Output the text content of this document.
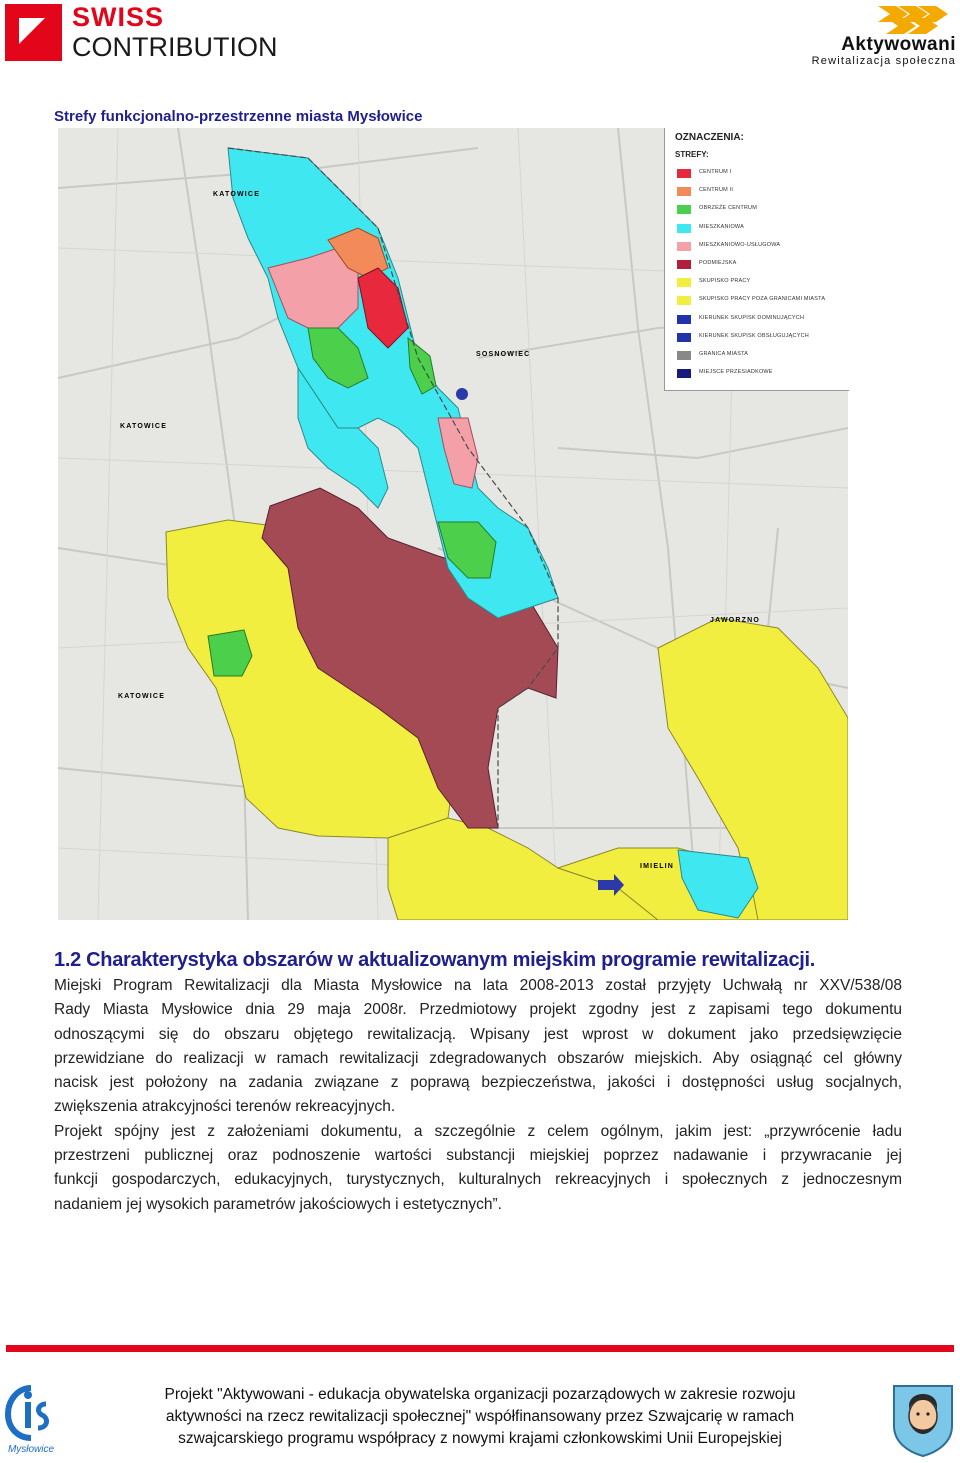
SWISS
CONTRIBUTION	Aktywowani
Rewitalizacja społeczna
Strefy funkcjonalno-przestrzenne miasta Mysłowice
KATOWICE
SOSNOWIEC
KATOWICE
KATOWICE
JAWORZNO
IMIELIN
OZNACZENIA:
STREFY:
CENTRUM I
CENTRUM II
OBRZEŻE CENTRUM
MIESZKANIOWA
MIESZKANIOWO-USŁUGOWA
PODMIEJSKA
SKUPISKO PRACY
SKUPISKO PRACY POZA GRANICAMI MIASTA
KIERUNEK SKUPISK DOMINUJĄCYCH
KIERUNEK SKUPISK OBSŁUGUJĄCYCH
GRANICA MIASTA
MIEJSCE PRZESIADKOWE
1.2 Charakterystyka obszarów w aktualizowanym miejskim programie rewitalizacji.

Miejski Program Rewitalizacji dla Miasta Mysłowice na lata 2008-2013 został przyjęty Uchwałą nr XXV/538/08

Rady Miasta Mysłowice dnia 29 maja 2008r. Przedmiotowy projekt zgodny jest z zapisami tego dokumentu

odnoszącymi się do obszaru objętego rewitalizacją. Wpisany jest wprost w dokument jako przedsięwzięcie

przewidziane do realizacji w ramach rewitalizacji zdegradowanych obszarów miejskich. Aby osiągnąć cel główny

nacisk jest położony na zadania związane z poprawą bezpieczeństwa, jakości i dostępności usług socjalnych,

zwiększenia atrakcyjności terenów rekreacyjnych.

Projekt spójny jest z założeniami dokumentu, a szczególnie z celem ogólnym, jakim jest: „przywrócenie ładu

przestrzeni publicznej oraz podnoszenie wartości substancji miejskiej poprzez nadawanie i przywracanie jej

funkcji gospodarczych, edukacyjnych, turystycznych, kulturalnych rekreacyjnych i społecznych z jednoczesnym

nadaniem jej wysokich parametrów jakościowych i estetycznych”.

Mysłowice
Projekt "Aktywowani - edukacja obywatelska organizacji pozarządowych w zakresie rozwoju
aktywności na rzecz rewitalizacji społecznej" współfinansowany przez Szwajcarię w ramach
szwajcarskiego programu współpracy z nowymi krajami członkowskimi Unii Europejskiej
